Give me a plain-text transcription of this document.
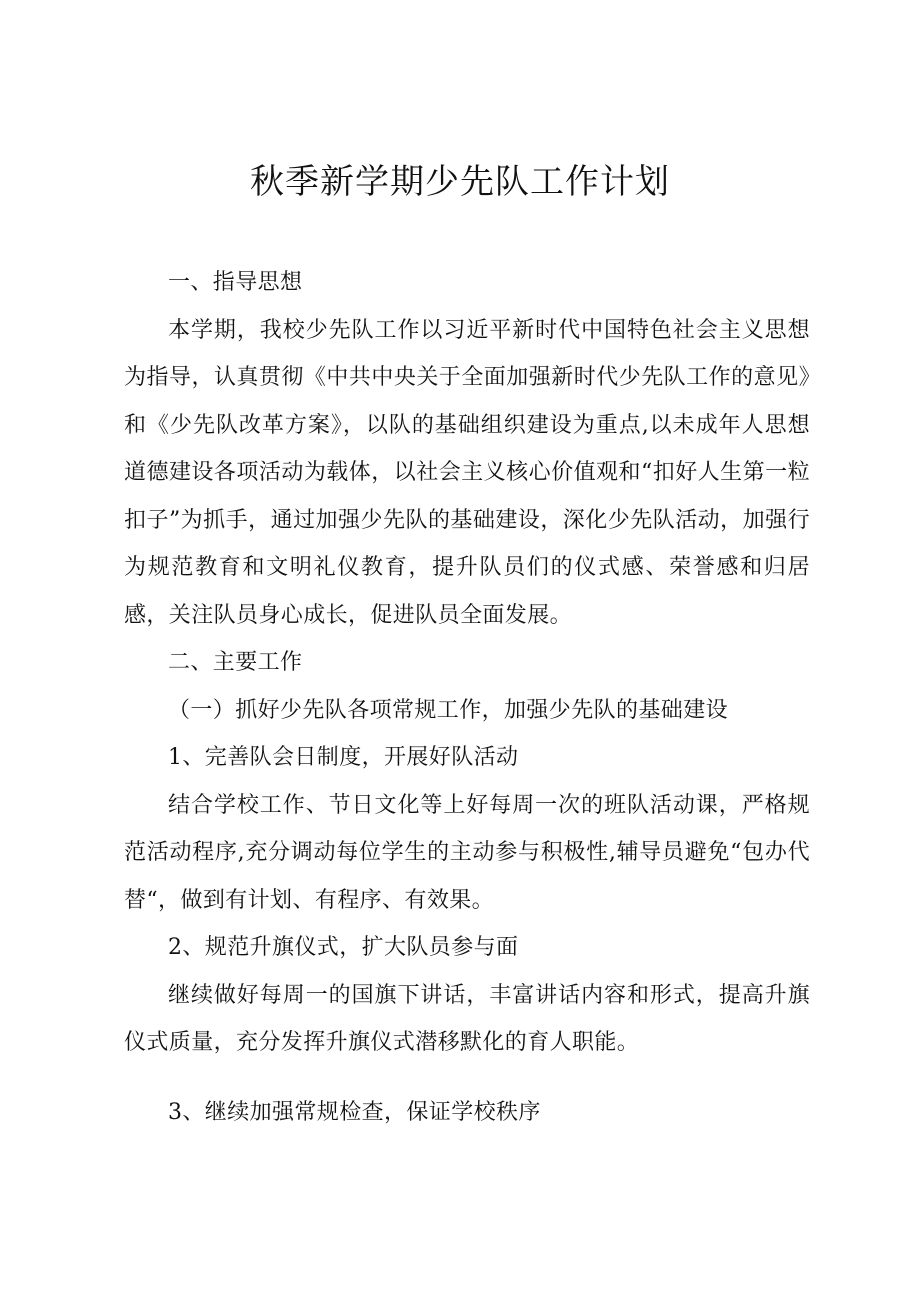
秋季新学期少先队工作计划

一、指导思想

本学期，我校少先队工作以习近平新时代中国特色社会主义思想为指导，认真贯彻《中共中央关于全面加强新时代少先队工作的意见》和《少先队改革方案》，以队的基础组织建设为重点,以未成年人思想道德建设各项活动为载体，以社会主义核心价值观和“扣好人生第一粒扣子”为抓手，通过加强少先队的基础建设，深化少先队活动，加强行为规范教育和文明礼仪教育，提升队员们的仪式感、荣誉感和归居感，关注队员身心成长，促进队员全面发展。

二、主要工作

（一）抓好少先队各项常规工作，加强少先队的基础建设

1、完善队会日制度，开展好队活动

结合学校工作、节日文化等上好每周一次的班队活动课，严格规范活动程序,充分调动每位学生的主动参与积极性,辅导员避免“包办代替“，做到有计划、有程序、有效果。

2、规范升旗仪式，扩大队员参与面

继续做好每周一的国旗下讲话，丰富讲话内容和形式，提高升旗仪式质量，充分发挥升旗仪式潜移默化的育人职能。

3、继续加强常规检查，保证学校秩序
